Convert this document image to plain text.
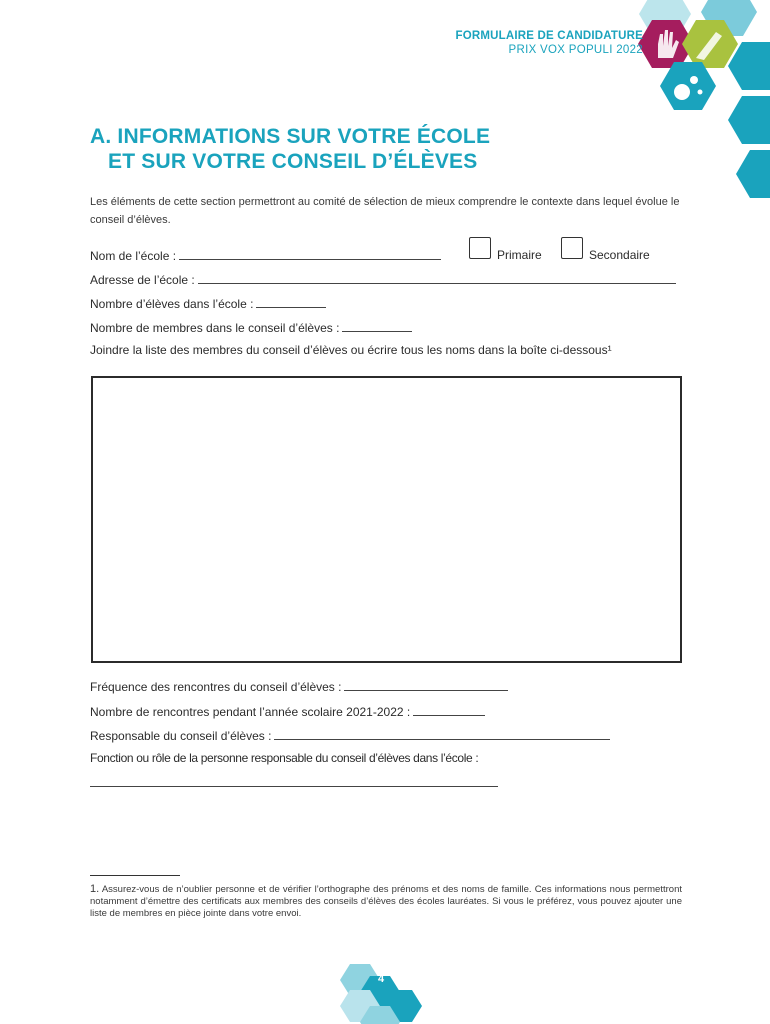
FORMULAIRE DE CANDIDATURE
PRIX VOX POPULI 2022
A. INFORMATIONS SUR VOTRE ÉCOLE
ET SUR VOTRE CONSEIL D’ÉLÈVES
Les éléments de cette section permettront au comité de sélection de mieux comprendre le contexte dans lequel évolue le conseil d’élèves.
Nom de l’école :	Primaire	Secondaire
Adresse de l’école :
Nombre d’élèves dans l’école :
Nombre de membres dans le conseil d’élèves :
Joindre la liste des membres du conseil d’élèves ou écrire tous les noms dans la boîte ci-dessous¹
Fréquence des rencontres du conseil d’élèves :
Nombre de rencontres pendant l’année scolaire 2021-2022 :
Responsable du conseil d’élèves :
Fonction ou rôle de la personne responsable du conseil d’élèves dans l’école :
1. Assurez-vous de n’oublier personne et de vérifier l’orthographe des prénoms et des noms de famille. Ces informations nous permettront notamment d’émettre des certificats aux membres des conseils d’élèves des écoles lauréates. Si vous le préférez, vous pouvez ajouter une liste de membres en pièce jointe dans votre envoi.
4
